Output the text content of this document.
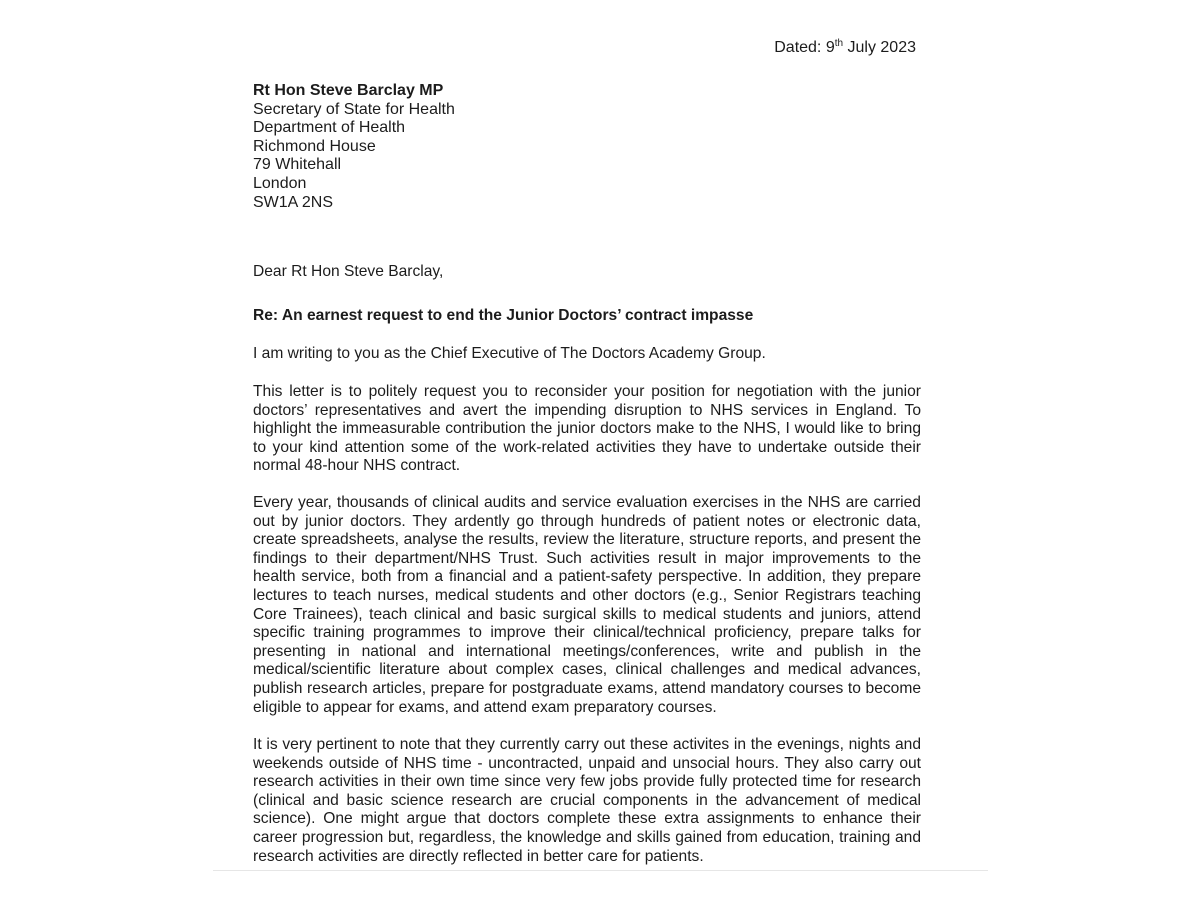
Dated: 9th July 2023
Rt Hon Steve Barclay MP
Secretary of State for Health
Department of Health
Richmond House
79 Whitehall
London
SW1A 2NS
Dear Rt Hon Steve Barclay,
Re: An earnest request to end the Junior Doctors’ contract impasse
I am writing to you as the Chief Executive of The Doctors Academy Group.
This letter is to politely request you to reconsider your position for negotiation with the junior doctors’ representatives and avert the impending disruption to NHS services in England. To highlight the immeasurable contribution the junior doctors make to the NHS, I would like to bring to your kind attention some of the work-related activities they have to undertake outside their normal 48-hour NHS contract.
Every year, thousands of clinical audits and service evaluation exercises in the NHS are carried out by junior doctors. They ardently go through hundreds of patient notes or electronic data, create spreadsheets, analyse the results, review the literature, structure reports, and present the findings to their department/NHS Trust. Such activities result in major improvements to the health service, both from a financial and a patient-safety perspective. In addition, they prepare lectures to teach nurses, medical students and other doctors (e.g., Senior Registrars teaching Core Trainees), teach clinical and basic surgical skills to medical students and juniors, attend specific training programmes to improve their clinical/technical proficiency, prepare talks for presenting in national and international meetings/conferences, write and publish in the medical/scientific literature about complex cases, clinical challenges and medical advances, publish research articles, prepare for postgraduate exams, attend mandatory courses to become eligible to appear for exams, and attend exam preparatory courses.
It is very pertinent to note that they currently carry out these activites in the evenings, nights and weekends outside of NHS time - uncontracted, unpaid and unsocial hours. They also carry out research activities in their own time since very few jobs provide fully protected time for research (clinical and basic science research are crucial components in the advancement of medical science). One might argue that doctors complete these extra assignments to enhance their career progression but, regardless, the knowledge and skills gained from education, training and research activities are directly reflected in better care for patients.
